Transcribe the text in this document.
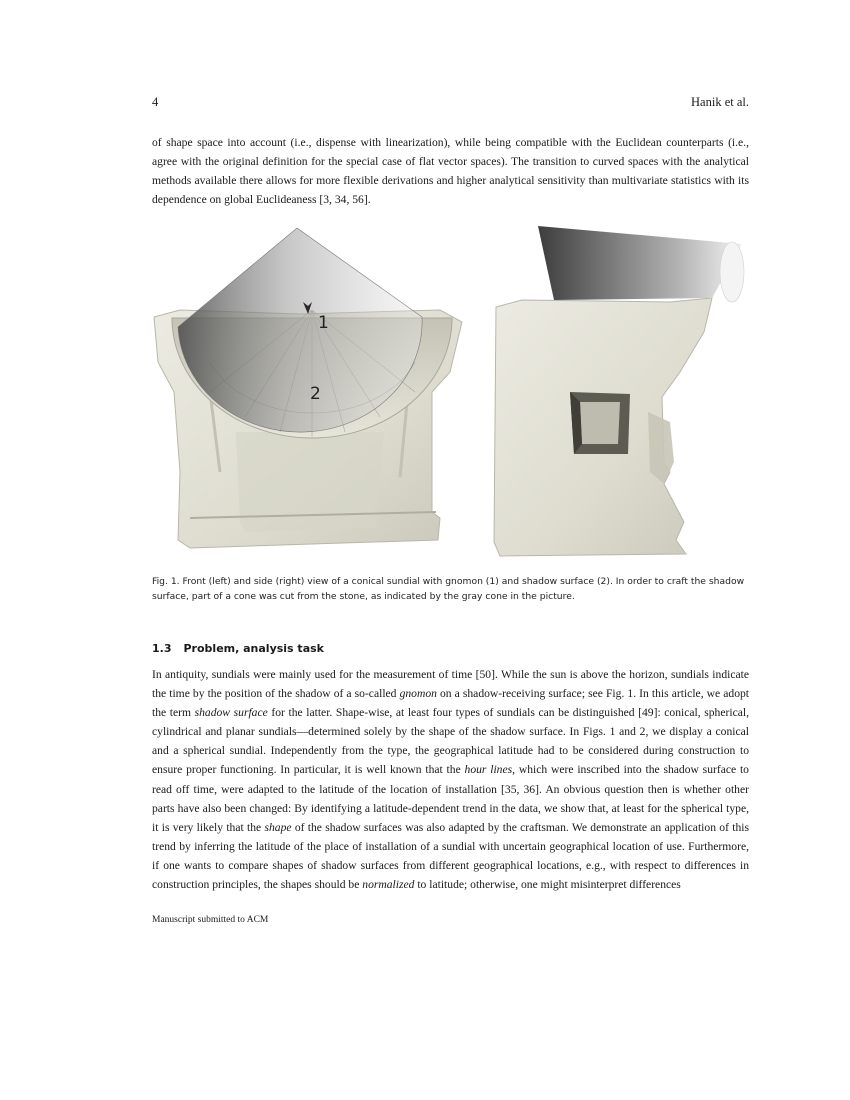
4	Hanik et al.

of shape space into account (i.e., dispense with linearization), while being compatible with the Euclidean counterparts (i.e., agree with the original definition for the special case of flat vector spaces). The transition to curved spaces with the analytical methods available there allows for more flexible derivations and higher analytical sensitivity than multivariate statistics with its dependence on global Euclideaness [3, 34, 56].

1
2

Fig. 1. Front (left) and side (right) view of a conical sundial with gnomon (1) and shadow surface (2). In order to craft the shadow surface, part of a cone was cut from the stone, as indicated by the gray cone in the picture.

1.3 Problem, analysis task

In antiquity, sundials were mainly used for the measurement of time [50]. While the sun is above the horizon, sundials indicate the time by the position of the shadow of a so-called gnomon on a shadow-receiving surface; see Fig. 1. In this article, we adopt the term shadow surface for the latter. Shape-wise, at least four types of sundials can be distinguished [49]: conical, spherical, cylindrical and planar sundials—determined solely by the shape of the shadow surface. In Figs. 1 and 2, we display a conical and a spherical sundial. Independently from the type, the geographical latitude had to be considered during construction to ensure proper functioning. In particular, it is well known that the hour lines, which were inscribed into the shadow surface to read off time, were adapted to the latitude of the location of installation [35, 36]. An obvious question then is whether other parts have also been changed: By identifying a latitude-dependent trend in the data, we show that, at least for the spherical type, it is very likely that the shape of the shadow surfaces was also adapted by the craftsman. We demonstrate an application of this trend by inferring the latitude of the place of installation of a sundial with uncertain geographical location of use. Furthermore, if one wants to compare shapes of shadow surfaces from different geographical locations, e.g., with respect to differences in construction principles, the shapes should be normalized to latitude; otherwise, one might misinterpret differences

Manuscript submitted to ACM
